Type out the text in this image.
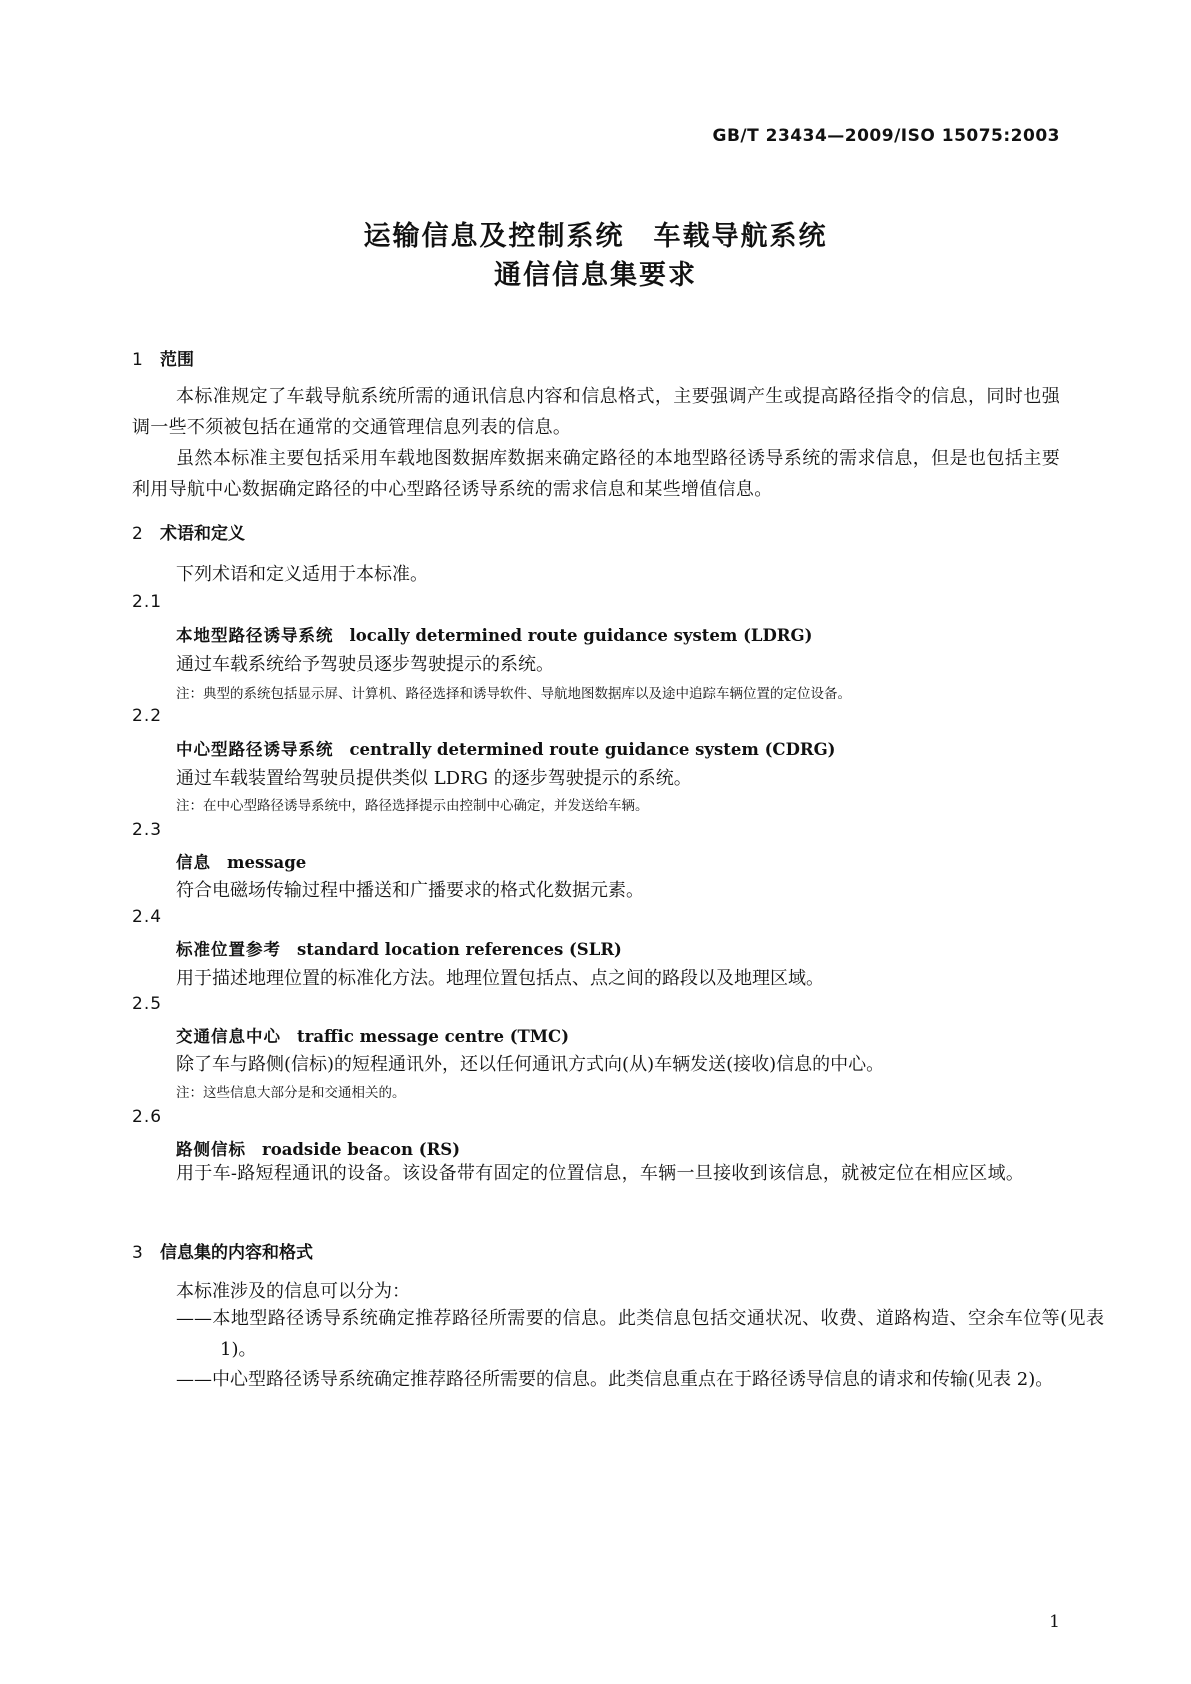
GB/T 23434—2009/ISO 15075:2003
运输信息及控制系统　车载导航系统
通信信息集要求
1 范围
本标准规定了车载导航系统所需的通讯信息内容和信息格式，主要强调产生或提高路径指令的信息，同时也强调一些不须被包括在通常的交通管理信息列表的信息。
虽然本标准主要包括采用车载地图数据库数据来确定路径的本地型路径诱导系统的需求信息，但是也包括主要利用导航中心数据确定路径的中心型路径诱导系统的需求信息和某些增值信息。
2 术语和定义
下列术语和定义适用于本标准。
2.1
本地型路径诱导系统 locally determined route guidance system (LDRG)
通过车载系统给予驾驶员逐步驾驶提示的系统。
注：典型的系统包括显示屏、计算机、路径选择和诱导软件、导航地图数据库以及途中追踪车辆位置的定位设备。
2.2
中心型路径诱导系统 centrally determined route guidance system (CDRG)
通过车载装置给驾驶员提供类似 LDRG 的逐步驾驶提示的系统。
注：在中心型路径诱导系统中，路径选择提示由控制中心确定，并发送给车辆。
2.3
信息 message
符合电磁场传输过程中播送和广播要求的格式化数据元素。
2.4
标准位置参考 standard location references (SLR)
用于描述地理位置的标准化方法。地理位置包括点、点之间的路段以及地理区域。
2.5
交通信息中心 traffic message centre (TMC)
除了车与路侧(信标)的短程通讯外，还以任何通讯方式向(从)车辆发送(接收)信息的中心。
注：这些信息大部分是和交通相关的。
2.6
路侧信标 roadside beacon (RS)
用于车-路短程通讯的设备。该设备带有固定的位置信息，车辆一旦接收到该信息，就被定位在相应区域。
3 信息集的内容和格式
本标准涉及的信息可以分为：
——本地型路径诱导系统确定推荐路径所需要的信息。此类信息包括交通状况、收费、道路构造、空余车位等(见表 1)。
——中心型路径诱导系统确定推荐路径所需要的信息。此类信息重点在于路径诱导信息的请求和传输(见表 2)。
1
